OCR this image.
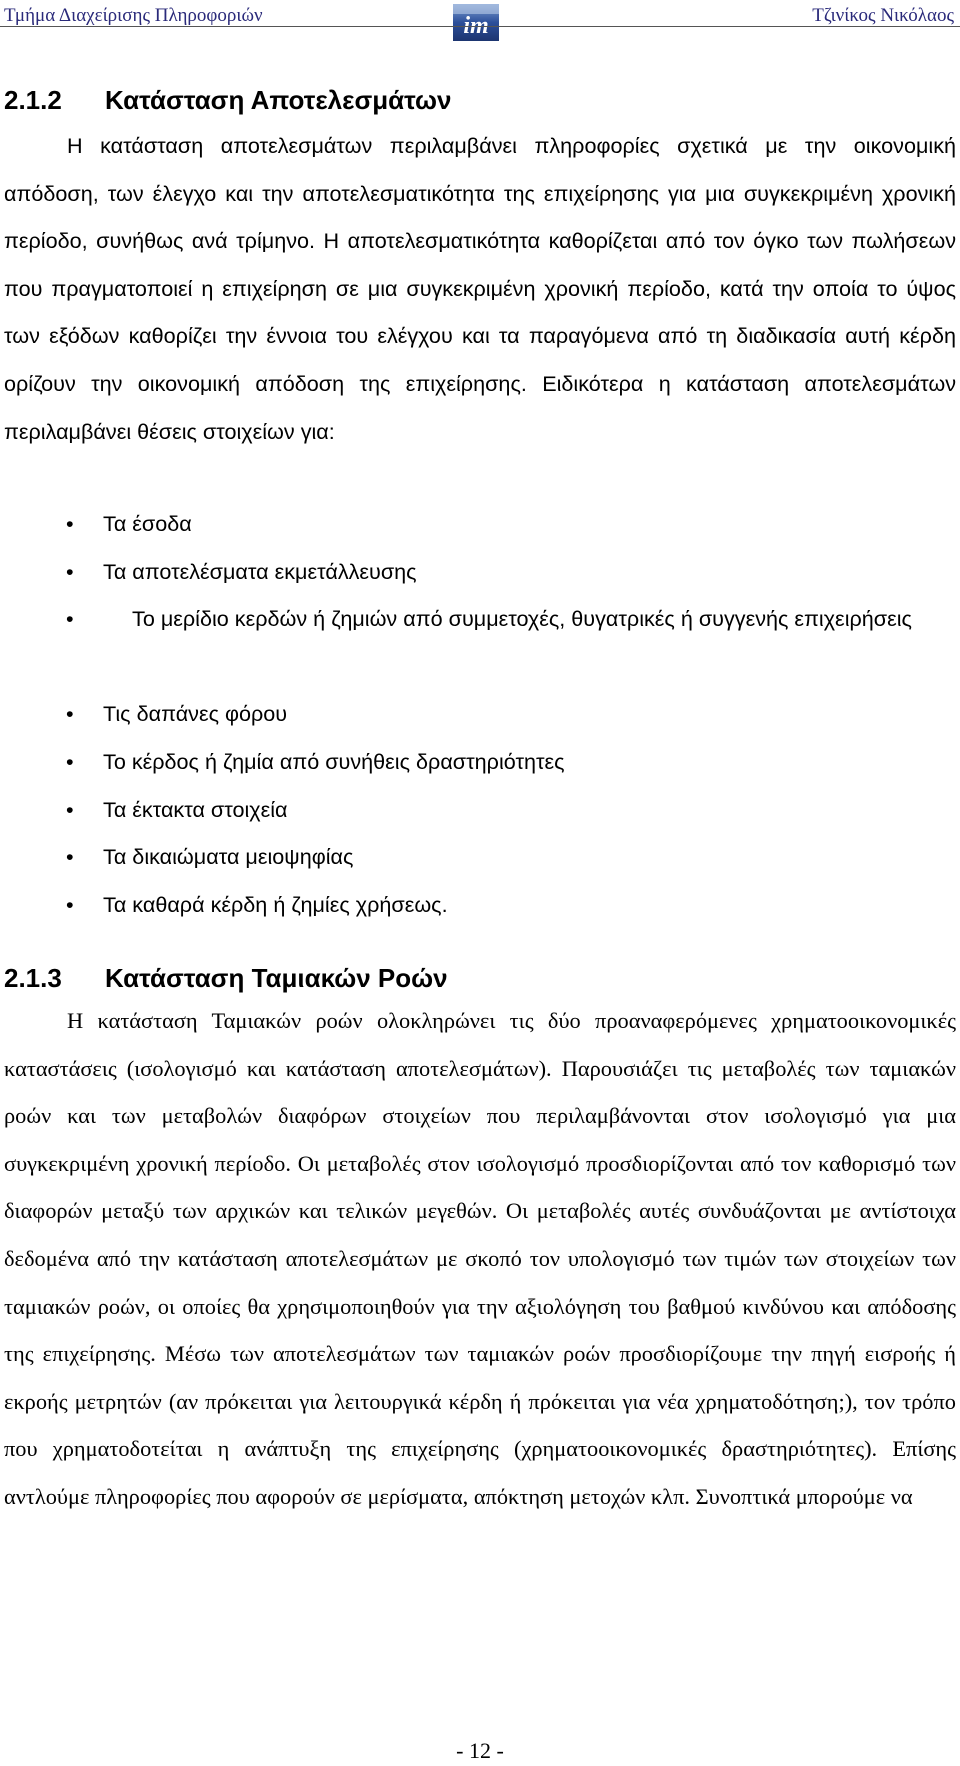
Τμήμα Διαχείρισης Πληροφοριών	im	Τζινίκος Νικόλαος
2.1.2 Κατάσταση Αποτελεσμάτων

Η κατάσταση αποτελεσμάτων περιλαμβάνει πληροφορίες σχετικά με την οικονομική απόδοση, των έλεγχο και την αποτελεσματικότητα της επιχείρησης για μια συγκεκριμένη χρονική περίοδο, συνήθως ανά τρίμηνο. Η αποτελεσματικότητα καθορίζεται από τον όγκο των πωλήσεων που πραγματοποιεί η επιχείρηση σε μια συγκεκριμένη χρονική περίοδο, κατά την οποία το ύψος των εξόδων καθορίζει την έννοια του ελέγχου και τα παραγόμενα από τη διαδικασία αυτή κέρδη ορίζουν την οικονομική απόδοση της επιχείρησης. Ειδικότερα η κατάσταση αποτελεσμάτων περιλαμβάνει θέσεις στοιχείων για:

• Τα έσοδα
• Τα αποτελέσματα εκμετάλλευσης
•	Το μερίδιο κερδών ή ζημιών από συμμετοχές, θυγατρικές ή συγγενής επιχειρήσεις
• Τις δαπάνες φόρου
• Το κέρδος ή ζημία από συνήθεις δραστηριότητες
• Τα έκτακτα στοιχεία
• Τα δικαιώματα μειοψηφίας
• Τα καθαρά κέρδη ή ζημίες χρήσεως.
2.1.3 Κατάσταση Ταμιακών Ροών

Η κατάσταση Ταμιακών ροών ολοκληρώνει τις δύο προαναφερόμενες χρηματοοικονομικές καταστάσεις (ισολογισμό και κατάσταση αποτελεσμάτων). Παρουσιάζει τις μεταβολές των ταμιακών ροών και των μεταβολών διαφόρων στοιχείων που περιλαμβάνονται στον ισολογισμό για μια συγκεκριμένη χρονική περίοδο. Οι μεταβολές στον ισολογισμό προσδιορίζονται από τον καθορισμό των διαφορών μεταξύ των αρχικών και τελικών μεγεθών. Οι μεταβολές αυτές συνδυάζονται με αντίστοιχα δεδομένα από την κατάσταση αποτελεσμάτων με σκοπό τον υπολογισμό των τιμών των στοιχείων των ταμιακών ροών, οι οποίες θα χρησιμοποιηθούν για την αξιολόγηση του βαθμού κινδύνου και απόδοσης της επιχείρησης. Μέσω των αποτελεσμάτων των ταμιακών ροών προσδιορίζουμε την πηγή εισροής ή εκροής μετρητών (αν πρόκειται για λειτουργικά κέρδη ή πρόκειται για νέα χρηματοδότηση;), τον τρόπο που χρηματοδοτείται η ανάπτυξη της επιχείρησης (χρηματοοικονομικές δραστηριότητες). Επίσης αντλούμε πληροφορίες που αφορούν σε μερίσματα, απόκτηση μετοχών κλπ. Συνοπτικά μπορούμε να

- 12 -
